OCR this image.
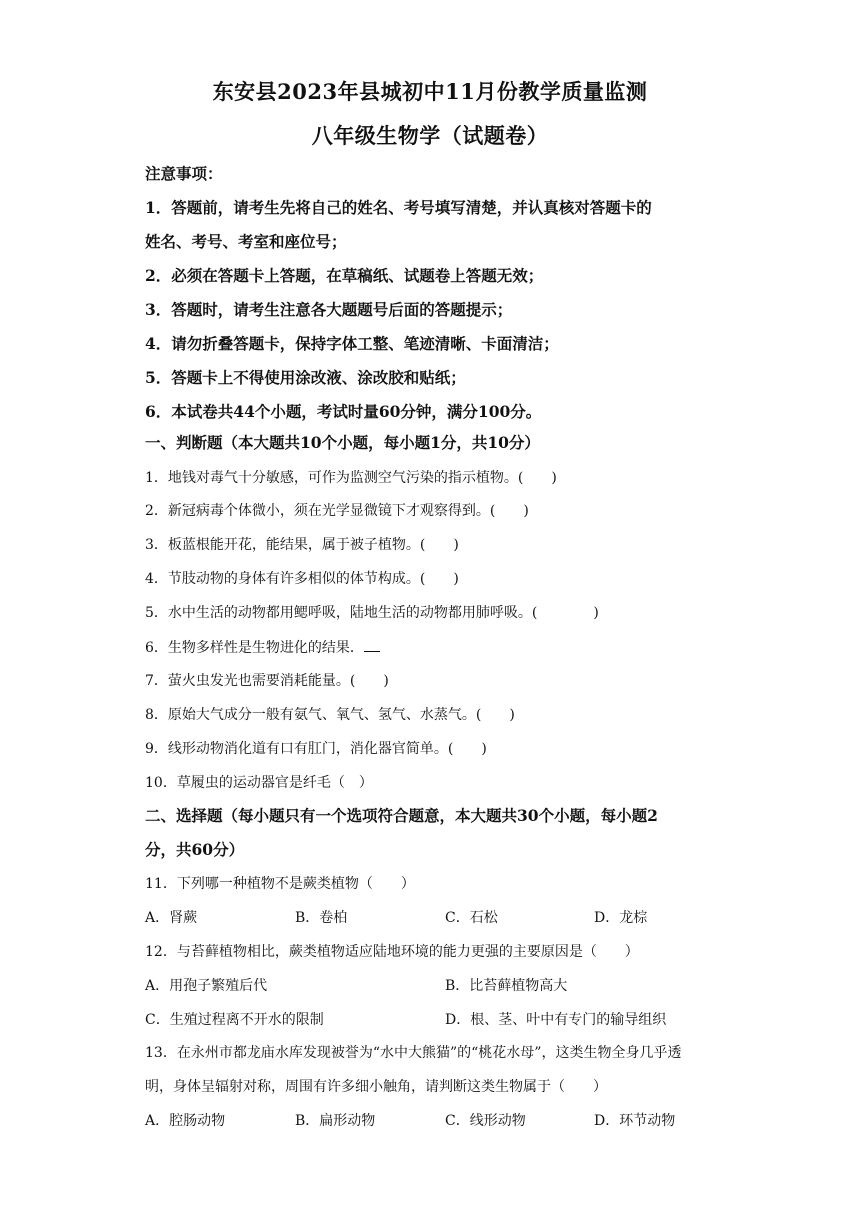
东安县2023年县城初中11月份教学质量监测
八年级生物学（试题卷）
注意事项：
1．答题前，请考生先将自己的姓名、考号填写清楚，并认真核对答题卡的
姓名、考号、考室和座位号；
2．必须在答题卡上答题，在草稿纸、试题卷上答题无效；
3．答题时，请考生注意各大题题号后面的答题提示；
4．请勿折叠答题卡，保持字体工整、笔迹清晰、卡面清洁；
5．答题卡上不得使用涂改液、涂改胶和贴纸；
6．本试卷共44个小题，考试时量60分钟，满分100分。
一、判断题（本大题共10个小题，每小题1分，共10分）
1．地钱对毒气十分敏感，可作为监测空气污染的指示植物。(　　)
2．新冠病毒个体微小，须在光学显微镜下才观察得到。(　　)
3．板蓝根能开花，能结果，属于被子植物。(　　)
4．节肢动物的身体有许多相似的体节构成。(　　)
5．水中生活的动物都用鳃呼吸，陆地生活的动物都用肺呼吸。(　　　　)
6．生物多样性是生物进化的结果．
7．萤火虫发光也需要消耗能量。(　　)
8．原始大气成分一般有氨气、氧气、氢气、水蒸气。(　　)
9．线形动物消化道有口有肛门，消化器官简单。(　　)
10．草履虫的运动器官是纤毛（　）
二、选择题（每小题只有一个选项符合题意，本大题共30个小题，每小题2
分，共60分）
11．下列哪一种植物不是蕨类植物（　　）
A．肾蕨	B．卷柏	C．石松	D．龙棕
12．与苔藓植物相比，蕨类植物适应陆地环境的能力更强的主要原因是（　　）
A．用孢子繁殖后代	B．比苔藓植物高大
C．生殖过程离不开水的限制	D．根、茎、叶中有专门的输导组织
13．在永州市都龙庙水库发现被誉为“水中大熊猫”的“桃花水母”，这类生物全身几乎透
明，身体呈辐射对称，周围有许多细小触角，请判断这类生物属于（　　）
A．腔肠动物	B．扁形动物	C．线形动物	D．环节动物
